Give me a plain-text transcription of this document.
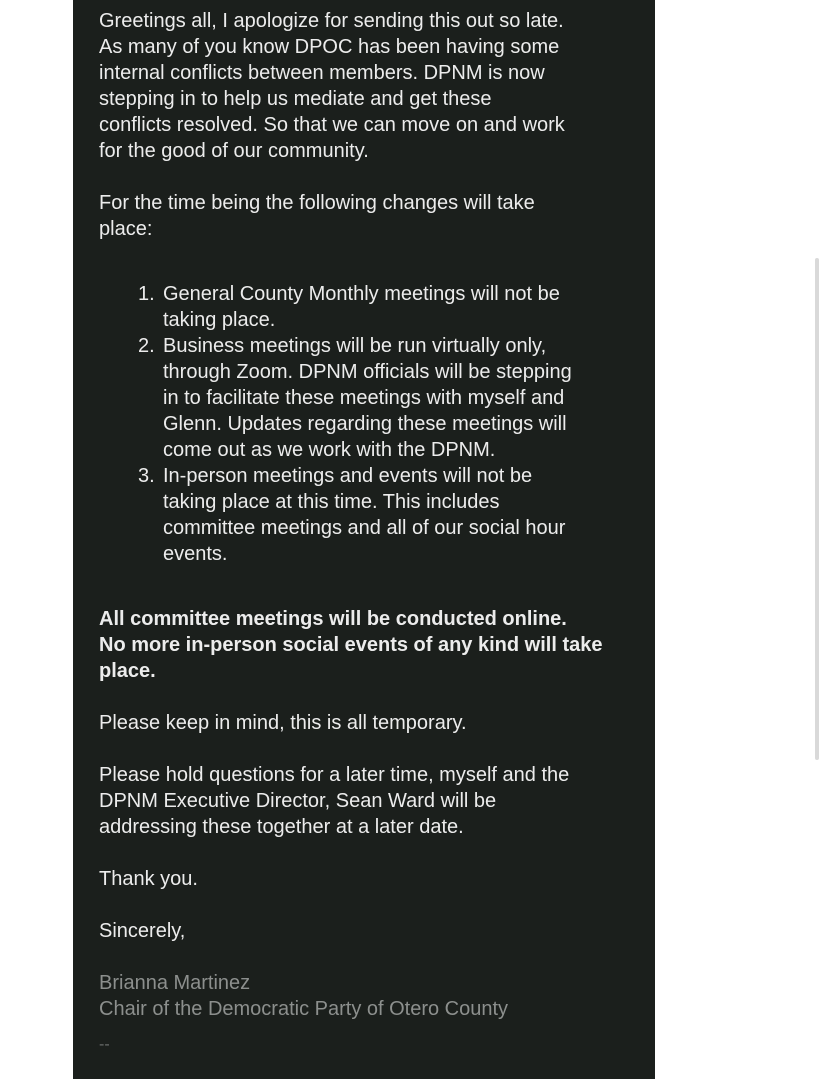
Greetings all, I apologize for sending this out so late.
As many of you know DPOC has been having some
internal conflicts between members. DPNM is now
stepping in to help us mediate and get these
conflicts resolved. So that we can move on and work
for the good of our community.

For the time being the following changes will take
place:

1. General County Monthly meetings will not be
taking place.
2. Business meetings will be run virtually only,
through Zoom. DPNM officials will be stepping
in to facilitate these meetings with myself and
Glenn. Updates regarding these meetings will
come out as we work with the DPNM.
3. In-person meetings and events will not be
taking place at this time. This includes
committee meetings and all of our social hour
events.

All committee meetings will be conducted online.
No more in-person social events of any kind will take
place.

Please keep in mind, this is all temporary.

Please hold questions for a later time, myself and the
DPNM Executive Director, Sean Ward will be
addressing these together at a later date.

Thank you.

Sincerely,

Brianna Martinez
Chair of the Democratic Party of Otero County
--
